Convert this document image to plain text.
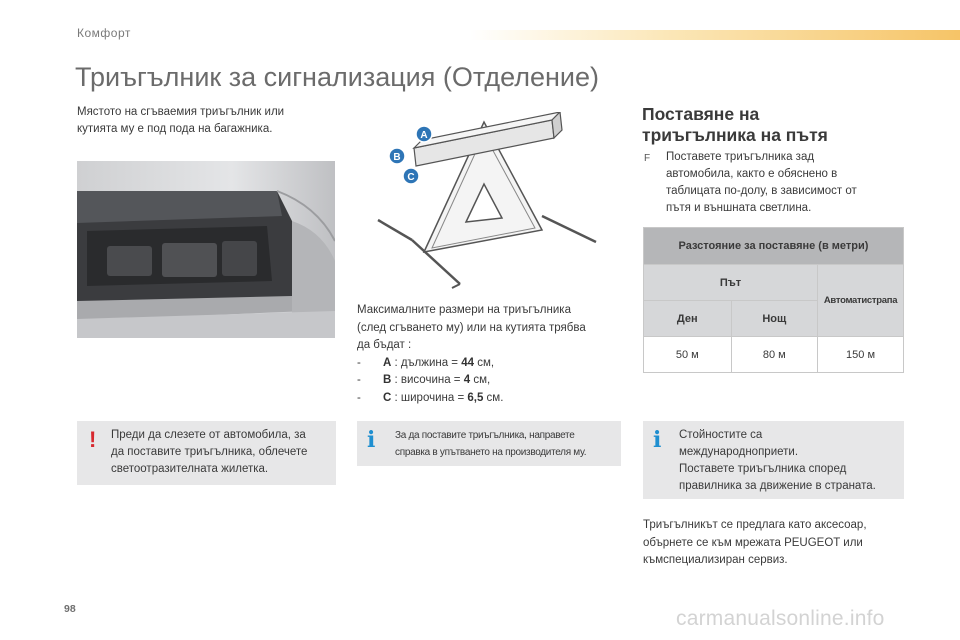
Комфорт
Триъгълник за сигнализация (Отделение)
Мястото на сгъваемия триъгълник или
кутията му е под пода на багажника.
A
B
C

Максималните размери на триъгълника

(след сгъването му) или на кутията трябва

да бъдат :

-	A : дължина = 44 см,
-	B : височина = 4 см,
-	C : широчина = 6,5 см.
Поставяне на
триъгълника на пътя
F	Поставете триъгълника зад
автомобила, както е обяснено в
таблицата по-долу, в зависимост от
пътя и външната светлина.
Разстояние за поставяне (в метри)		
Път		Автоматистрапа
Ден	Нощ	
50 м	80 м	150 м
! Преди да слезете от автомобила, за
да поставите триъгълника, облечете
светоотразителната жилетка.
i За да поставите триъгълника, направете
справка в упътването на производителя му.	i Стойностите са
международноприети.
Поставете триъгълника според
правилника за движение в страната.
Триъгълникът се предлага като аксесоар,
обърнете се към мрежата PEUGEOT или
къмспециализиран сервиз.
98	carmanualsonline.info
